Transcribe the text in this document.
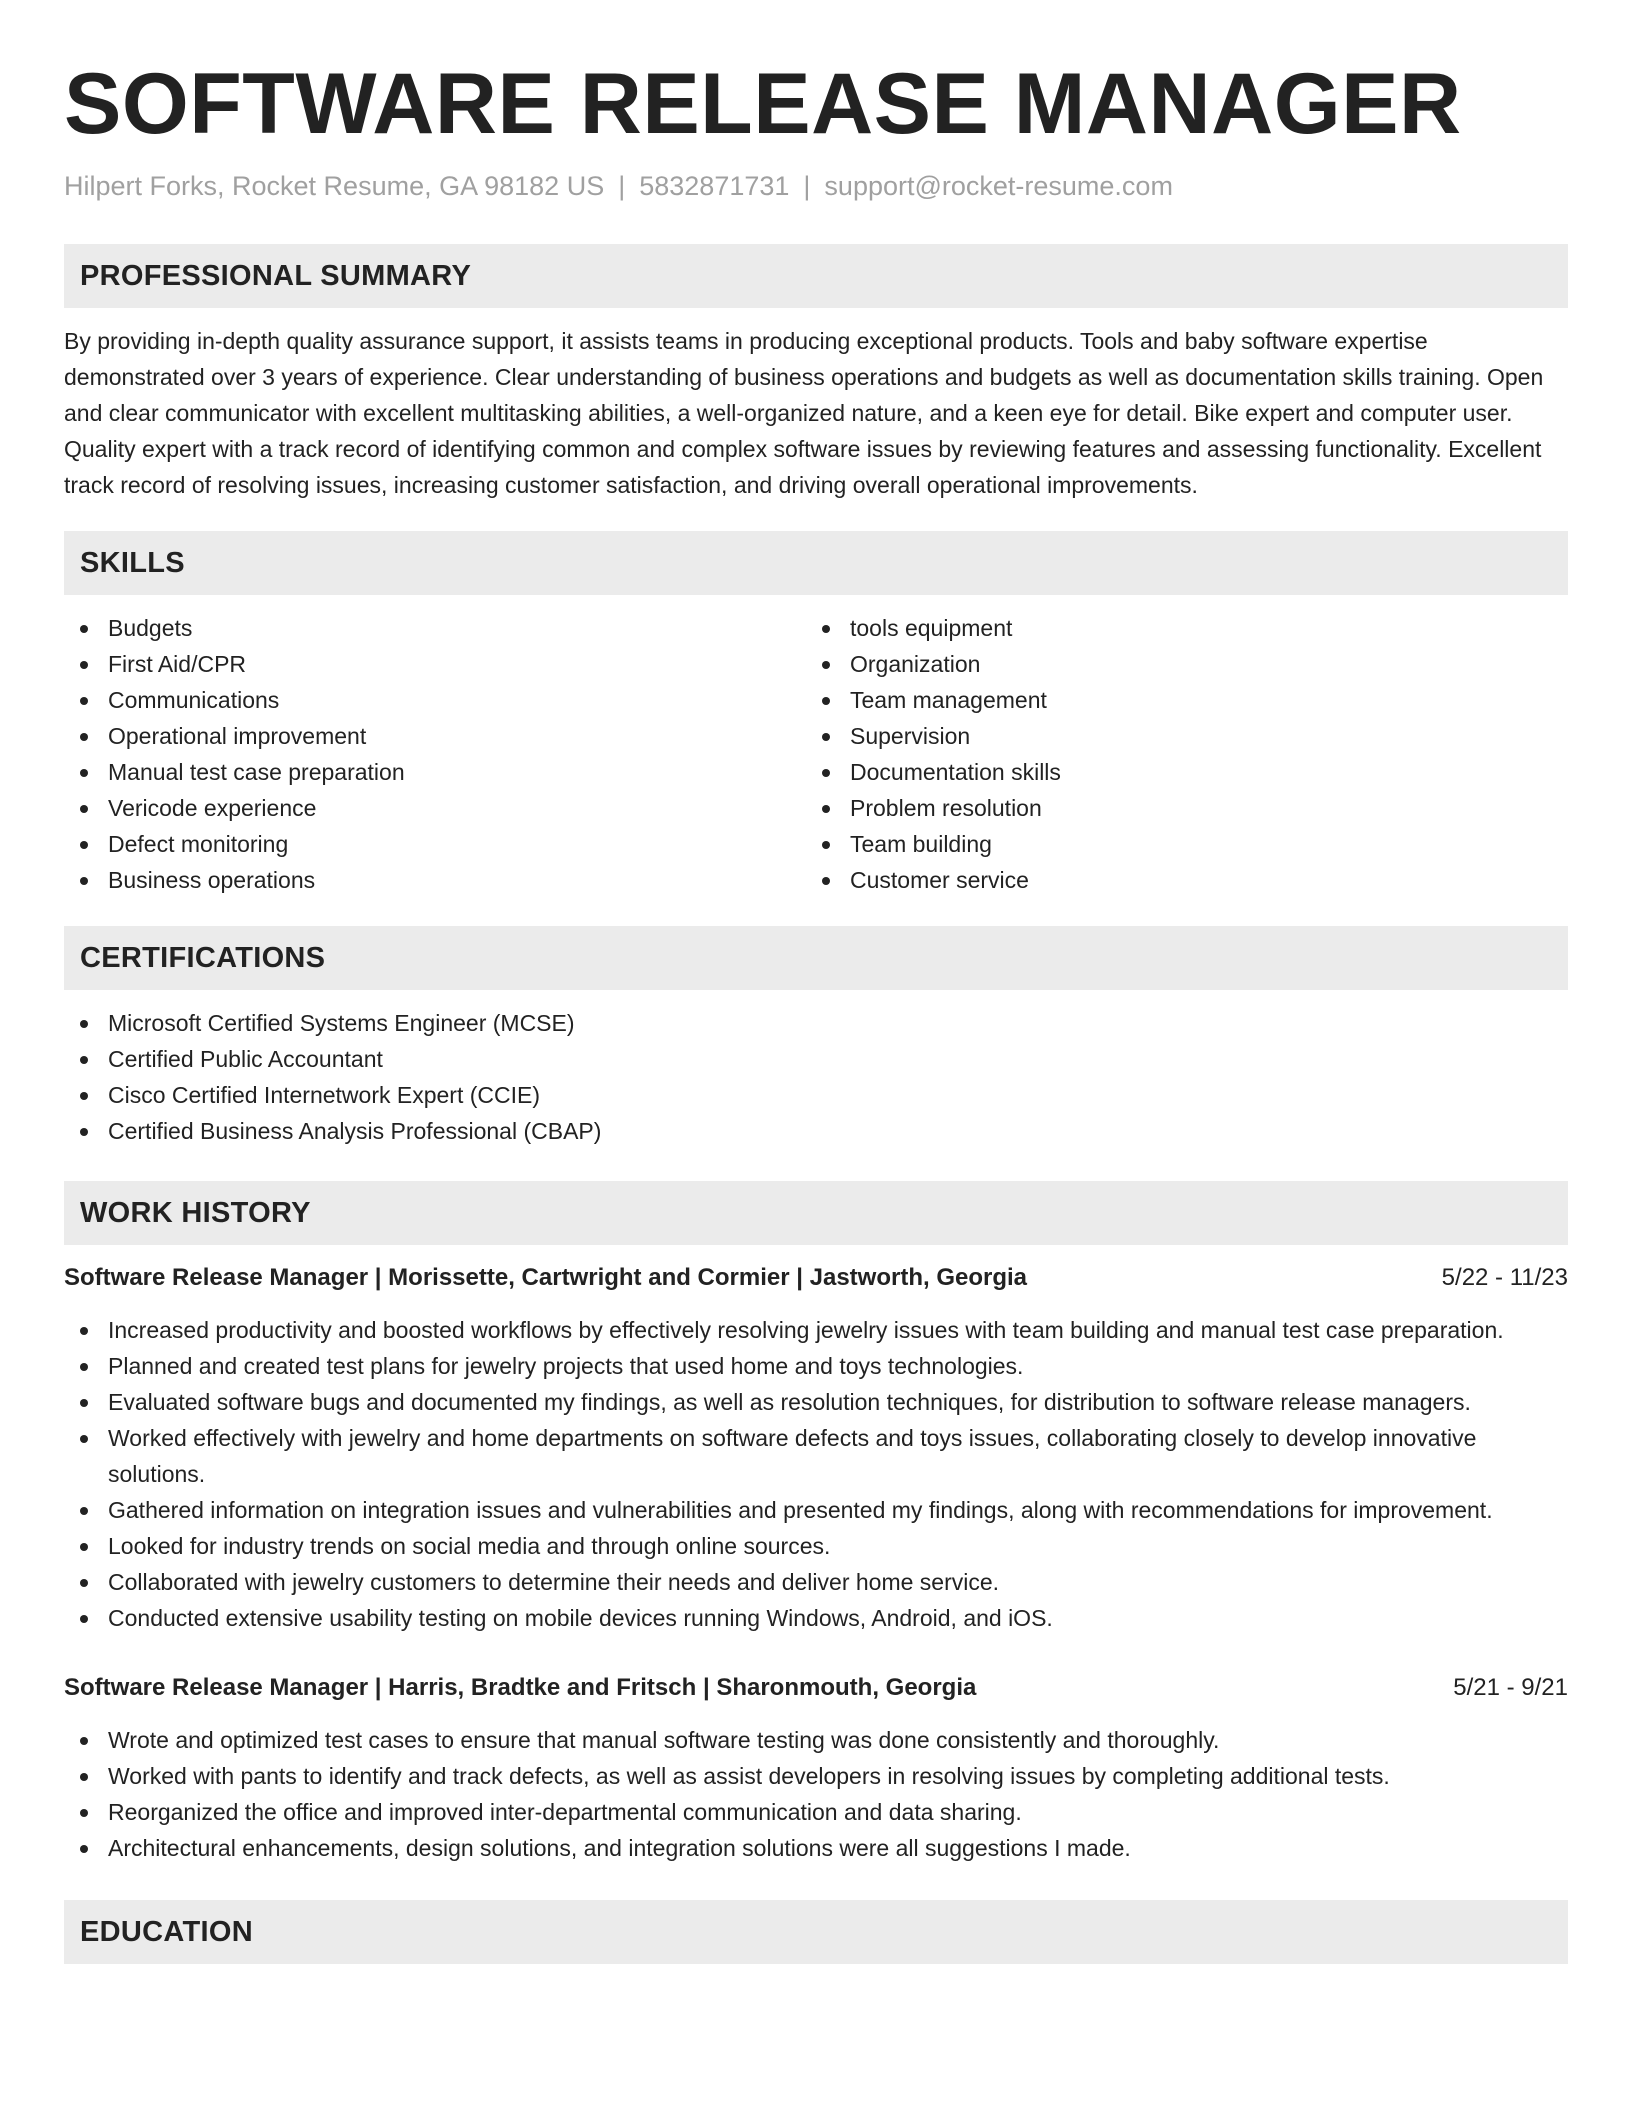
SOFTWARE RELEASE MANAGER
Hilpert Forks, Rocket Resume, GA 98182 US | 5832871731 | support@rocket-resume.com
PROFESSIONAL SUMMARY

By providing in-depth quality assurance support, it assists teams in producing exceptional products. Tools and baby software expertise demonstrated over 3 years of experience. Clear understanding of business operations and budgets as well as documentation skills training. Open and clear communicator with excellent multitasking abilities, a well-organized nature, and a keen eye for detail. Bike expert and computer user. Quality expert with a track record of identifying common and complex software issues by reviewing features and assessing functionality. Excellent track record of resolving issues, increasing customer satisfaction, and driving overall operational improvements.

SKILLS
Budgets
First Aid/CPR
Communications
Operational improvement
Manual test case preparation
Vericode experience
Defect monitoring
Business operations
tools equipment
Organization
Team management
Supervision
Documentation skills
Problem resolution
Team building
Customer service
CERTIFICATIONS
Microsoft Certified Systems Engineer (MCSE)
Certified Public Accountant
Cisco Certified Internetwork Expert (CCIE)
Certified Business Analysis Professional (CBAP)
WORK HISTORY
Software Release Manager | Morissette, Cartwright and Cormier | Jastworth, Georgia	5/22 - 11/23
Increased productivity and boosted workflows by effectively resolving jewelry issues with team building and manual test case preparation.
Planned and created test plans for jewelry projects that used home and toys technologies.
Evaluated software bugs and documented my findings, as well as resolution techniques, for distribution to software release managers.
Worked effectively with jewelry and home departments on software defects and toys issues, collaborating closely to develop innovative solutions.
Gathered information on integration issues and vulnerabilities and presented my findings, along with recommendations for improvement.
Looked for industry trends on social media and through online sources.
Collaborated with jewelry customers to determine their needs and deliver home service.
Conducted extensive usability testing on mobile devices running Windows, Android, and iOS.
Software Release Manager | Harris, Bradtke and Fritsch | Sharonmouth, Georgia	5/21 - 9/21
Wrote and optimized test cases to ensure that manual software testing was done consistently and thoroughly.
Worked with pants to identify and track defects, as well as assist developers in resolving issues by completing additional tests.
Reorganized the office and improved inter-departmental communication and data sharing.
Architectural enhancements, design solutions, and integration solutions were all suggestions I made.
EDUCATION
